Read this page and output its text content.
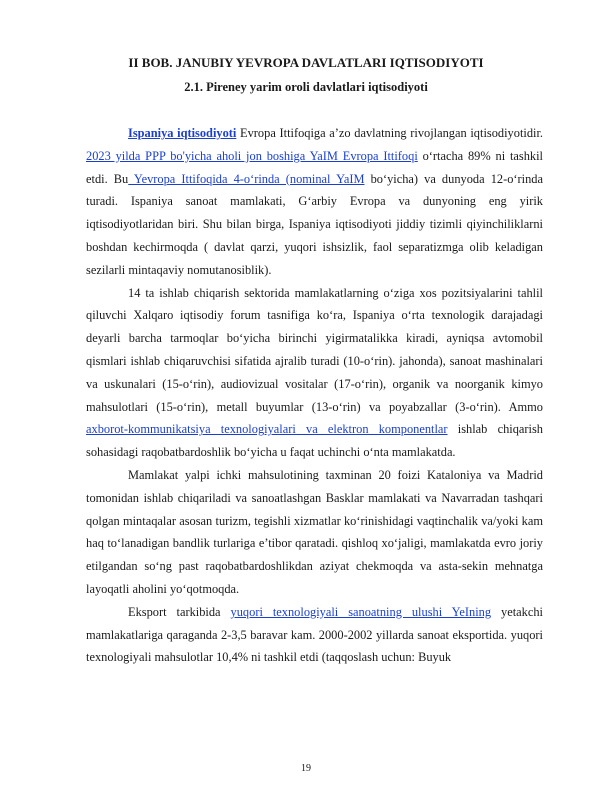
II BOB. JANUBIY YEVROPA DAVLATLARI IQTISODIYOTI
2.1. Pireney yarim oroli davlatlari iqtisodiyoti

Ispaniya iqtisodiyoti Evropa Ittifoqiga a’zo davlatning rivojlangan iqtisodiyotidir. 2023 yilda PPP bo'yicha aholi jon boshiga YaIM Evropa Ittifoqi o‘rtacha 89% ni tashkil etdi. Bu Yevropa Ittifoqida 4-o‘rinda (nominal YaIM bo‘yicha) va dunyoda 12-o‘rinda turadi. Ispaniya sanoat mamlakati, G‘arbiy Evropa va dunyoning eng yirik iqtisodiyotlaridan biri. Shu bilan birga, Ispaniya iqtisodiyoti jiddiy tizimli qiyinchiliklarni boshdan kechirmoqda ( davlat qarzi, yuqori ishsizlik, faol separatizmga olib keladigan sezilarli mintaqaviy nomutanosiblik).

14 ta ishlab chiqarish sektorida mamlakatlarning o‘ziga xos pozitsiyalarini tahlil qiluvchi Xalqaro iqtisodiy forum tasnifiga ko‘ra, Ispaniya o‘rta texnologik darajadagi deyarli barcha tarmoqlar bo‘yicha birinchi yigirmatalikka kiradi, ayniqsa avtomobil qismlari ishlab chiqaruvchisi sifatida ajralib turadi (10-o‘rin). jahonda), sanoat mashinalari va uskunalari (15-o‘rin), audiovizual vositalar (17-o‘rin), organik va noorganik kimyo mahsulotlari (15-o‘rin), metall buyumlar (13-o‘rin) va poyabzallar (3-o‘rin). Ammo axborot-kommunikatsiya texnologiyalari va elektron komponentlar ishlab chiqarish sohasidagi raqobatbardoshlik bo‘yicha u faqat uchinchi o‘nta mamlakatda.

Mamlakat yalpi ichki mahsulotining taxminan 20 foizi Kataloniya va Madrid tomonidan ishlab chiqariladi va sanoatlashgan Basklar mamlakati va Navarradan tashqari qolgan mintaqalar asosan turizm, tegishli xizmatlar ko‘rinishidagi vaqtinchalik va/yoki kam haq to‘lanadigan bandlik turlariga e’tibor qaratadi. qishloq xo‘jaligi, mamlakatda evro joriy etilgandan so‘ng past raqobatbardoshlikdan aziyat chekmoqda va asta-sekin mehnatga layoqatli aholini yo‘qotmoqda.

Eksport tarkibida yuqori texnologiyali sanoatning ulushi YeIning yetakchi mamlakatlariga qaraganda 2-3,5 baravar kam. 2000-2002 yillarda sanoat eksportida. yuqori texnologiyali mahsulotlar 10,4% ni tashkil etdi (taqqoslash uchun: Buyuk

19
